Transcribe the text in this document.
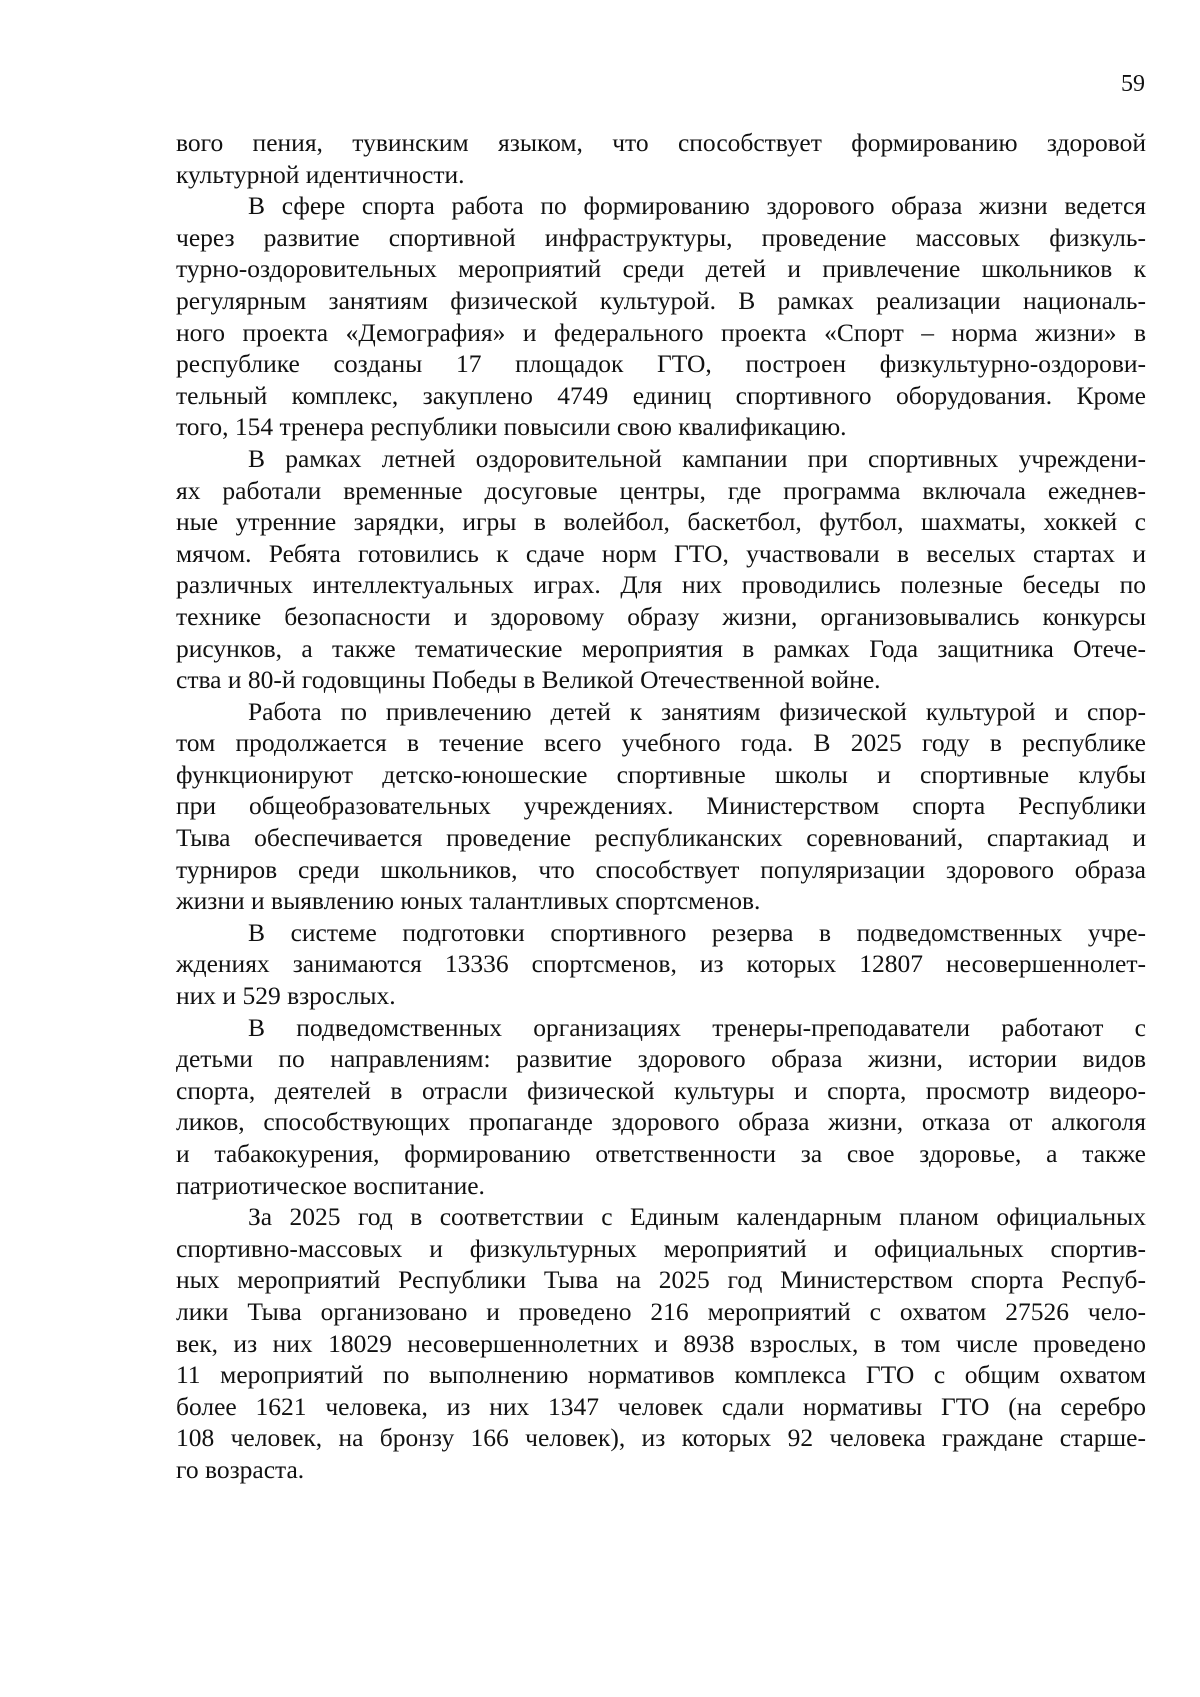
59
вого пения, тувинским языком, что способствует формированию здоровой
культурной идентичности.
В сфере спорта работа по формированию здорового образа жизни ведется
через развитие спортивной инфраструктуры, проведение массовых физкуль-
турно-оздоровительных мероприятий среди детей и привлечение школьников к
регулярным занятиям физической культурой. В рамках реализации националь-
ного проекта «Демография» и федерального проекта «Спорт – норма жизни» в
республике созданы 17 площадок ГТО, построен физкультурно-оздорови-
тельный комплекс, закуплено 4749 единиц спортивного оборудования. Кроме
того, 154 тренера республики повысили свою квалификацию.
В рамках летней оздоровительной кампании при спортивных учреждени-
ях работали временные досуговые центры, где программа включала ежеднев-
ные утренние зарядки, игры в волейбол, баскетбол, футбол, шахматы, хоккей с
мячом. Ребята готовились к сдаче норм ГТО, участвовали в веселых стартах и
различных интеллектуальных играх. Для них проводились полезные беседы по
технике безопасности и здоровому образу жизни, организовывались конкурсы
рисунков, а также тематические мероприятия в рамках Года защитника Отече-
ства и 80-й годовщины Победы в Великой Отечественной войне.
Работа по привлечению детей к занятиям физической культурой и спор-
том продолжается в течение всего учебного года. В 2025 году в республике
функционируют детско-юношеские спортивные школы и спортивные клубы
при общеобразовательных учреждениях. Министерством спорта Республики
Тыва обеспечивается проведение республиканских соревнований, спартакиад и
турниров среди школьников, что способствует популяризации здорового образа
жизни и выявлению юных талантливых спортсменов.
В системе подготовки спортивного резерва в подведомственных учре-
ждениях занимаются 13336 спортсменов, из которых 12807 несовершеннолет-
них и 529 взрослых.
В подведомственных организациях тренеры-преподаватели работают с
детьми по направлениям: развитие здорового образа жизни, истории видов
спорта, деятелей в отрасли физической культуры и спорта, просмотр видеоро-
ликов, способствующих пропаганде здорового образа жизни, отказа от алкоголя
и табакокурения, формированию ответственности за свое здоровье, а также
патриотическое воспитание.
За 2025 год в соответствии с Единым календарным планом официальных
спортивно-массовых и физкультурных мероприятий и официальных спортив-
ных мероприятий Республики Тыва на 2025 год Министерством спорта Респуб-
лики Тыва организовано и проведено 216 мероприятий с охватом 27526 чело-
век, из них 18029 несовершеннолетних и 8938 взрослых, в том числе проведено
11 мероприятий по выполнению нормативов комплекса ГТО с общим охватом
более 1621 человека, из них 1347 человек сдали нормативы ГТО (на серебро
108 человек, на бронзу 166 человек), из которых 92 человека граждане старше-
го возраста.
